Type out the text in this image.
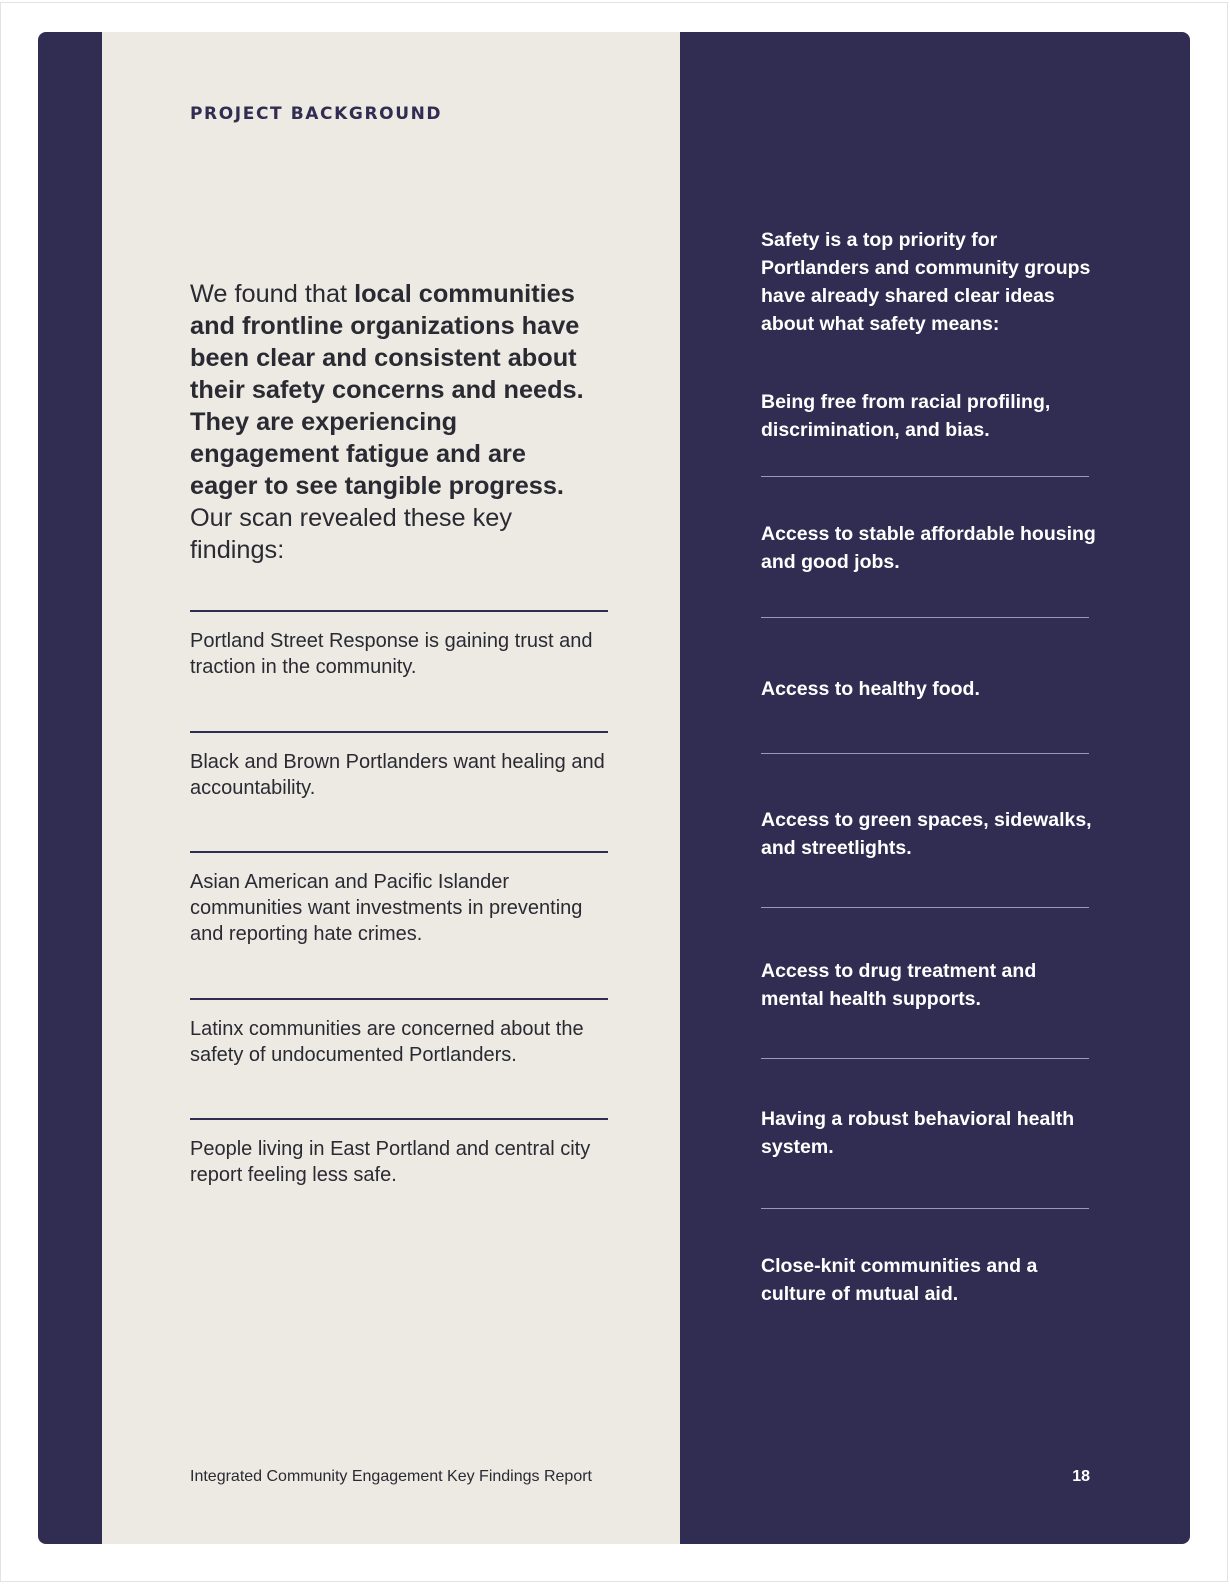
PROJECT BACKGROUND
We found that local communities and frontline organizations have been clear and consistent about their safety concerns and needs. They are experiencing engagement fatigue and are eager to see tangible progress. Our scan revealed these key findings:

Portland Street Response is gaining trust and traction in the community.

Black and Brown Portlanders want healing and accountability.

Asian American and Pacific Islander communities want investments in preventing and reporting hate crimes.

Latinx communities are concerned about the safety of undocumented Portlanders.

People living in East Portland and central city report feeling less safe.

Integrated Community Engagement Key Findings Report
Safety is a top priority for Portlanders and community groups have already shared clear ideas about what safety means:
Being free from racial profiling, discrimination, and bias.
Access to stable affordable housing and good jobs.
Access to healthy food.
Access to green spaces, sidewalks, and streetlights.
Access to drug treatment and mental health supports.
Having a robust behavioral health system.
Close-knit communities and a culture of mutual aid.
18
